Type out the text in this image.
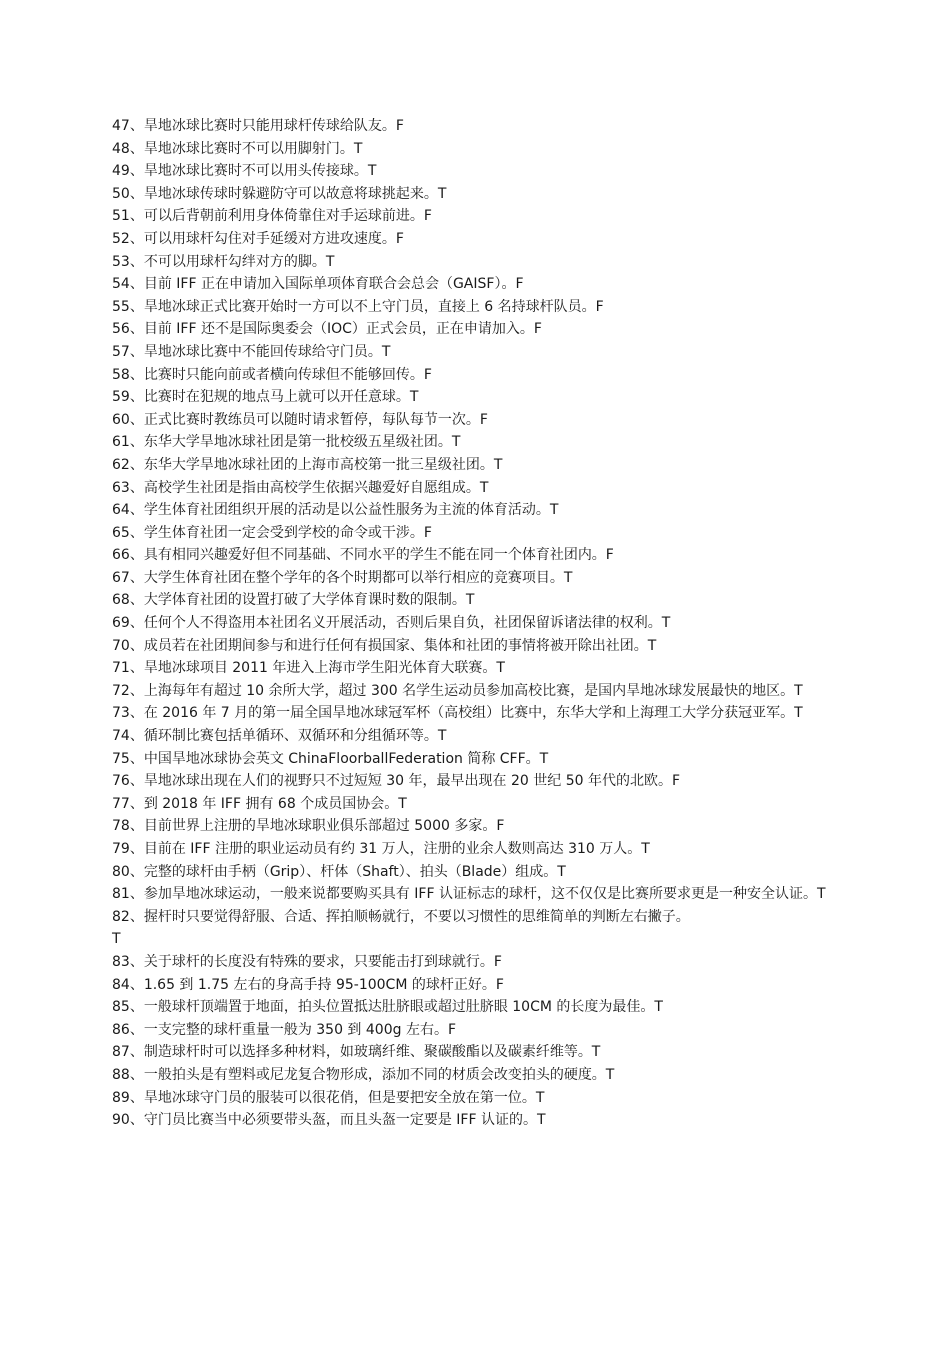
47、旱地冰球比赛时只能用球杆传球给队友。F
48、旱地冰球比赛时不可以用脚射门。T
49、旱地冰球比赛时不可以用头传接球。T
50、旱地冰球传球时躲避防守可以故意将球挑起来。T
51、可以后背朝前利用身体倚靠住对手运球前进。F
52、可以用球杆勾住对手延缓对方进攻速度。F
53、不可以用球杆勾绊对方的脚。T
54、目前 IFF 正在申请加入国际单项体育联合会总会（GAISF）。F
55、旱地冰球正式比赛开始时一方可以不上守门员，直接上 6 名持球杆队员。F
56、目前 IFF 还不是国际奥委会（IOC）正式会员，正在申请加入。F
57、旱地冰球比赛中不能回传球给守门员。T
58、比赛时只能向前或者横向传球但不能够回传。F
59、比赛时在犯规的地点马上就可以开任意球。T
60、正式比赛时教练员可以随时请求暂停，每队每节一次。F
61、东华大学旱地冰球社团是第一批校级五星级社团。T
62、东华大学旱地冰球社团的上海市高校第一批三星级社团。T
63、高校学生社团是指由高校学生依据兴趣爱好自愿组成。T
64、学生体育社团组织开展的活动是以公益性服务为主流的体育活动。T
65、学生体育社团一定会受到学校的命令或干涉。F
66、具有相同兴趣爱好但不同基础、不同水平的学生不能在同一个体育社团内。F
67、大学生体育社团在整个学年的各个时期都可以举行相应的竞赛项目。T
68、大学体育社团的设置打破了大学体育课时数的限制。T
69、任何个人不得盗用本社团名义开展活动，否则后果自负，社团保留诉诸法律的权利。T
70、成员若在社团期间参与和进行任何有损国家、集体和社团的事情将被开除出社团。T
71、旱地冰球项目 2011 年进入上海市学生阳光体育大联赛。T
72、上海每年有超过 10 余所大学，超过 300 名学生运动员参加高校比赛，是国内旱地冰球发展最快的地区。T
73、在 2016 年 7 月的第一届全国旱地冰球冠军杯（高校组）比赛中，东华大学和上海理工大学分获冠亚军。T
74、循环制比赛包括单循环、双循环和分组循环等。T
75、中国旱地冰球协会英文 ChinaFloorballFederation 简称 CFF。T
76、旱地冰球出现在人们的视野只不过短短 30 年，最早出现在 20 世纪 50 年代的北欧。F
77、到 2018 年 IFF 拥有 68 个成员国协会。T
78、目前世界上注册的旱地冰球职业俱乐部超过 5000 多家。F
79、目前在 IFF 注册的职业运动员有约 31 万人，注册的业余人数则高达 310 万人。T
80、完整的球杆由手柄（Grip）、杆体（Shaft）、拍头（Blade）组成。T
81、参加旱地冰球运动，一般来说都要购买具有 IFF 认证标志的球杆，这不仅仅是比赛所要求更是一种安全认证。T
82、握杆时只要觉得舒服、合适、挥拍顺畅就行，不要以习惯性的思维简单的判断左右撇子。
T
83、关于球杆的长度没有特殊的要求，只要能击打到球就行。F
84、1.65 到 1.75 左右的身高手持 95-100CM 的球杆正好。F
85、一般球杆顶端置于地面，拍头位置抵达肚脐眼或超过肚脐眼 10CM 的长度为最佳。T
86、一支完整的球杆重量一般为 350 到 400g 左右。F
87、制造球杆时可以选择多种材料，如玻璃纤维、聚碳酸酯以及碳素纤维等。T
88、一般拍头是有塑料或尼龙复合物形成，添加不同的材质会改变拍头的硬度。T
89、旱地冰球守门员的服装可以很花俏，但是要把安全放在第一位。T
90、守门员比赛当中必须要带头盔，而且头盔一定要是 IFF 认证的。T
